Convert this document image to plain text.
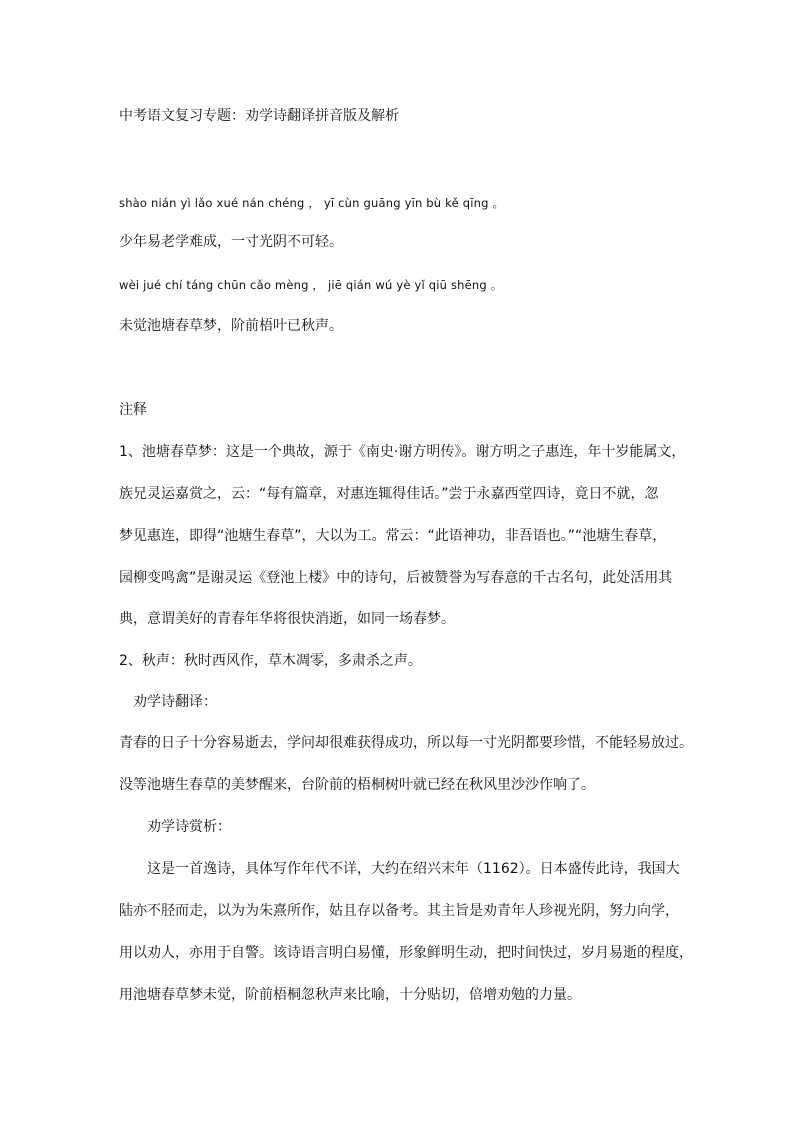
中考语文复习专题：劝学诗翻译拼音版及解析
shào nián yì lǎo xué nán chéng ， yī cùn guāng yīn bù kě qīng 。
少年易老学难成，一寸光阴不可轻。
wèi jué chí táng chūn cǎo mèng ， jiē qián wú yè yǐ qiū shēng 。
未觉池塘春草梦，阶前梧叶已秋声。
注释
1、池塘春草梦：这是一个典故，源于《南史·谢方明传》。谢方明之子惠连，年十岁能属文，
族兄灵运嘉赏之，云：“每有篇章，对惠连辄得佳话。”尝于永嘉西堂四诗，竟日不就，忽
梦见惠连，即得“池塘生春草”，大以为工。常云：“此语神功，非吾语也。”“池塘生春草，
园柳变鸣禽”是谢灵运《登池上楼》中的诗句，后被赞誉为写春意的千古名句，此处活用其
典，意谓美好的青春年华将很快消逝，如同一场春梦。
2、秋声：秋时西风作，草木凋零，多肃杀之声。
劝学诗翻译：
青春的日子十分容易逝去，学问却很难获得成功，所以每一寸光阴都要珍惜，不能轻易放过。
没等池塘生春草的美梦醒来，台阶前的梧桐树叶就已经在秋风里沙沙作响了。
劝学诗赏析：
这是一首逸诗，具体写作年代不详，大约在绍兴末年（1162）。日本盛传此诗，我国大
陆亦不胫而走，以为为朱熹所作，姑且存以备考。其主旨是劝青年人珍视光阴，努力向学，
用以劝人，亦用于自警。该诗语言明白易懂，形象鲜明生动，把时间快过，岁月易逝的程度，
用池塘春草梦未觉，阶前梧桐忽秋声来比喻，十分贴切，倍增劝勉的力量。
